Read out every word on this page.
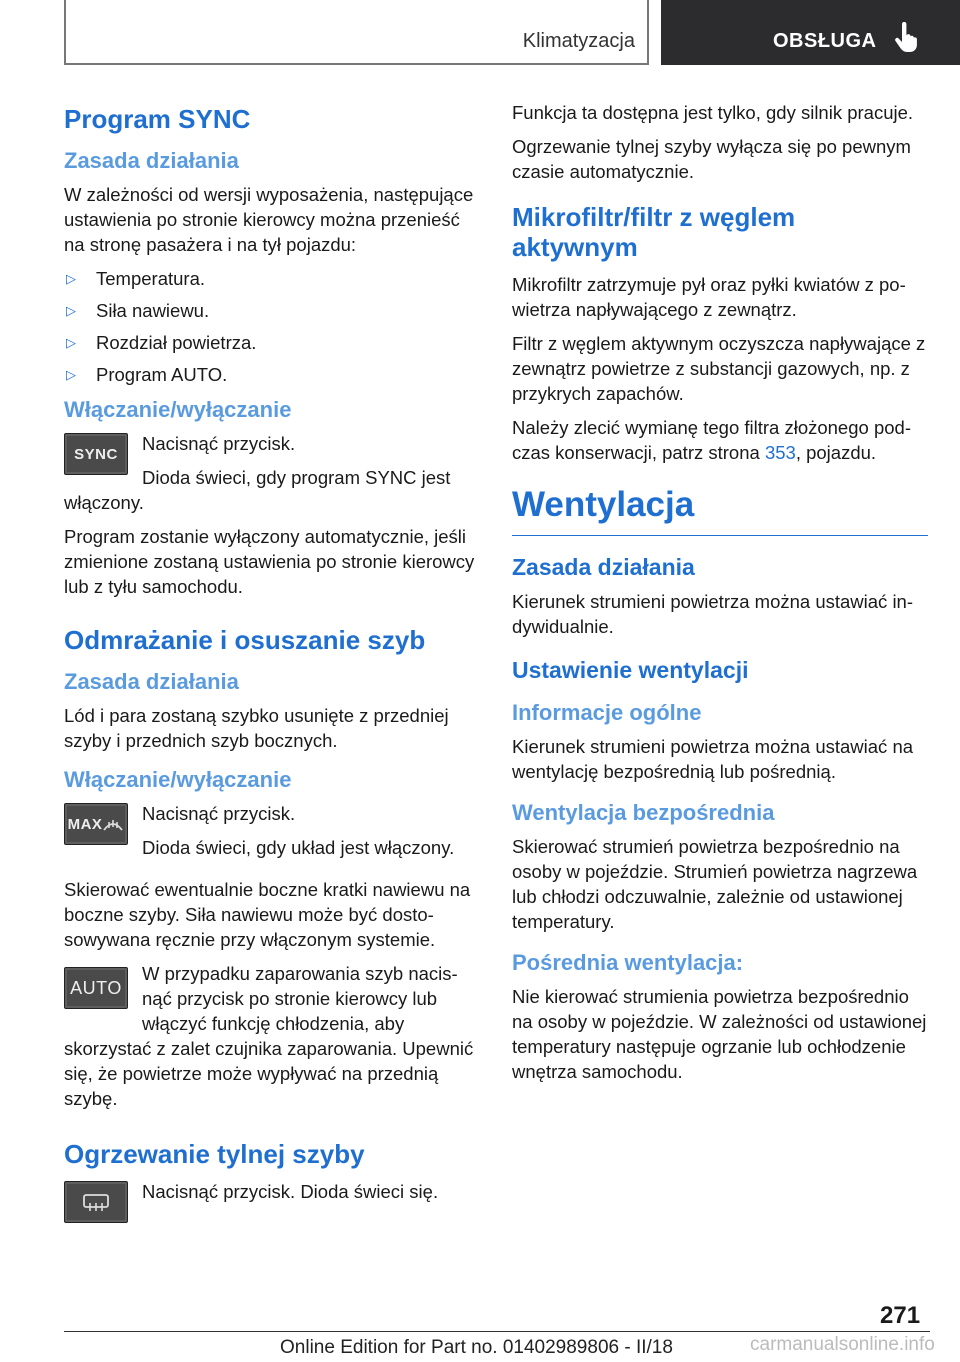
Klimatyzacja	OBSŁUGA
Program SYNC
Zasada działania

W zależności od wersji wyposażenia, następujące ustawienia po stronie kierowcy można przenieść na stronę pasażera i na tył pojazdu:

▷	Temperatura.
▷	Siła nawiewu.
▷	Rozdział powietrza.
▷	Program AUTO.
Włączanie/wyłączanie
SYNC	Nacisnąć przycisk.

Dioda świeci, gdy program SYNC jest włączony.

Program zostanie wyłączony automatycznie, jeśli zmienione zostaną ustawienia po stronie kierowcy lub z tyłu samochodu.

Odmrażanie i osuszanie szyb
Zasada działania

Lód i para zostaną szybko usunięte z przedniej szyby i przednich szyb bocznych.

Włączanie/wyłączanie
MAX	Nacisnąć przycisk.

Dioda świeci, gdy układ jest włączony.

Skierować ewentualnie boczne kratki nawiewu na boczne szyby. Siła nawiewu może być dostosowywana ręcznie przy włączonym systemie.

AUTO

W przypadku zaparowania szyb nacisnąć przycisk po stronie kierowcy lub włączyć funkcję chłodzenia, aby skorzystać z zalet czujnika zaparowania. Upewnić się, że powietrze może wypływać na przednią szybę.

Ogrzewanie tylnej szyby

Nacisnąć przycisk. Dioda świeci się.

Funkcja ta dostępna jest tylko, gdy silnik pracuje.

Ogrzewanie tylnej szyby wyłącza się po pewnym czasie automatycznie.

Mikrofiltr/filtr z węglem aktywnym

Mikrofiltr zatrzymuje pył oraz pyłki kwiatów z powietrza napływającego z zewnątrz.

Filtr z węglem aktywnym oczyszcza napływające z zewnątrz powietrze z substancji gazowych, np. z przykrych zapachów.

Należy zlecić wymianę tego filtra złożonego podczas konserwacji, patrz strona 353, pojazdu.

Wentylacja
Zasada działania

Kierunek strumieni powietrza można ustawiać indywidualnie.

Ustawienie wentylacji
Informacje ogólne

Kierunek strumieni powietrza można ustawiać na wentylację bezpośrednią lub pośrednią.

Wentylacja bezpośrednia

Skierować strumień powietrza bezpośrednio na osoby w pojeździe. Strumień powietrza nagrzewa lub chłodzi odczuwalnie, zależnie od ustawionej temperatury.

Pośrednia wentylacja:

Nie kierować strumienia powietrza bezpośrednio na osoby w pojeździe. W zależności od ustawionej temperatury następuje ogrzanie lub ochłodzenie wnętrza samochodu.

271
Online Edition for Part no. 01402989806 - II/18	carmanualsonline.info
